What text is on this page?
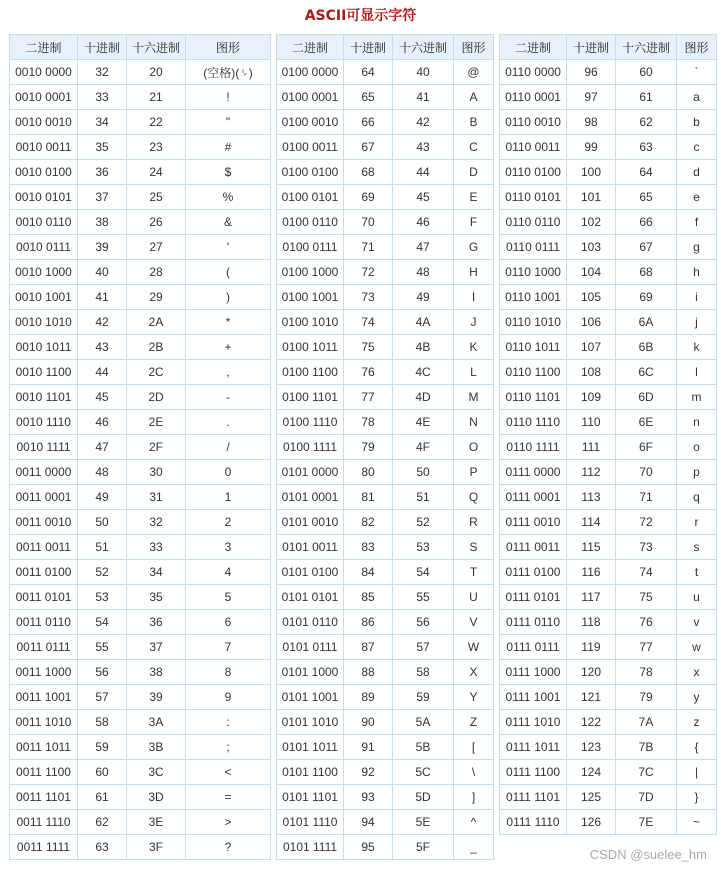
ASCII可显示字符
二进制	十进制	十六进制	图形
0010 0000	32	20	(空格)(␠)
0010 0001	33	21	!
0010 0010	34	22	"
0010 0011	35	23	#
0010 0100	36	24	$
0010 0101	37	25	%
0010 0110	38	26	&
0010 0111	39	27	'
0010 1000	40	28	(
0010 1001	41	29	)
0010 1010	42	2A	*
0010 1011	43	2B	+
0010 1100	44	2C	,
0010 1101	45	2D	-
0010 1110	46	2E	.
0010 1111	47	2F	/
0011 0000	48	30	0
0011 0001	49	31	1
0011 0010	50	32	2
0011 0011	51	33	3
0011 0100	52	34	4
0011 0101	53	35	5
0011 0110	54	36	6
0011 0111	55	37	7
0011 1000	56	38	8
0011 1001	57	39	9
0011 1010	58	3A	:
0011 1011	59	3B	;
0011 1100	60	3C	<
0011 1101	61	3D	=
0011 1110	62	3E	>
0011 1111	63	3F	?
二进制	十进制	十六进制	图形
0100 0000	64	40	@
0100 0001	65	41	A
0100 0010	66	42	B
0100 0011	67	43	C
0100 0100	68	44	D
0100 0101	69	45	E
0100 0110	70	46	F
0100 0111	71	47	G
0100 1000	72	48	H
0100 1001	73	49	I
0100 1010	74	4A	J
0100 1011	75	4B	K
0100 1100	76	4C	L
0100 1101	77	4D	M
0100 1110	78	4E	N
0100 1111	79	4F	O
0101 0000	80	50	P
0101 0001	81	51	Q
0101 0010	82	52	R
0101 0011	83	53	S
0101 0100	84	54	T
0101 0101	85	55	U
0101 0110	86	56	V
0101 0111	87	57	W
0101 1000	88	58	X
0101 1001	89	59	Y
0101 1010	90	5A	Z
0101 1011	91	5B	[
0101 1100	92	5C	\
0101 1101	93	5D	]
0101 1110	94	5E	^
0101 1111	95	5F	_
二进制	十进制	十六进制	图形
0110 0000	96	60	`
0110 0001	97	61	a
0110 0010	98	62	b
0110 0011	99	63	c
0110 0100	100	64	d
0110 0101	101	65	e
0110 0110	102	66	f
0110 0111	103	67	g
0110 1000	104	68	h
0110 1001	105	69	i
0110 1010	106	6A	j
0110 1011	107	6B	k
0110 1100	108	6C	l
0110 1101	109	6D	m
0110 1110	110	6E	n
0110 1111	111	6F	o
0111 0000	112	70	p
0111 0001	113	71	q
0111 0010	114	72	r
0111 0011	115	73	s
0111 0100	116	74	t
0111 0101	117	75	u
0111 0110	118	76	v
0111 0111	119	77	w
0111 1000	120	78	x
0111 1001	121	79	y
0111 1010	122	7A	z
0111 1011	123	7B	{
0111 1100	124	7C	|
0111 1101	125	7D	}
0111 1110	126	7E	~
CSDN @suelee_hm
